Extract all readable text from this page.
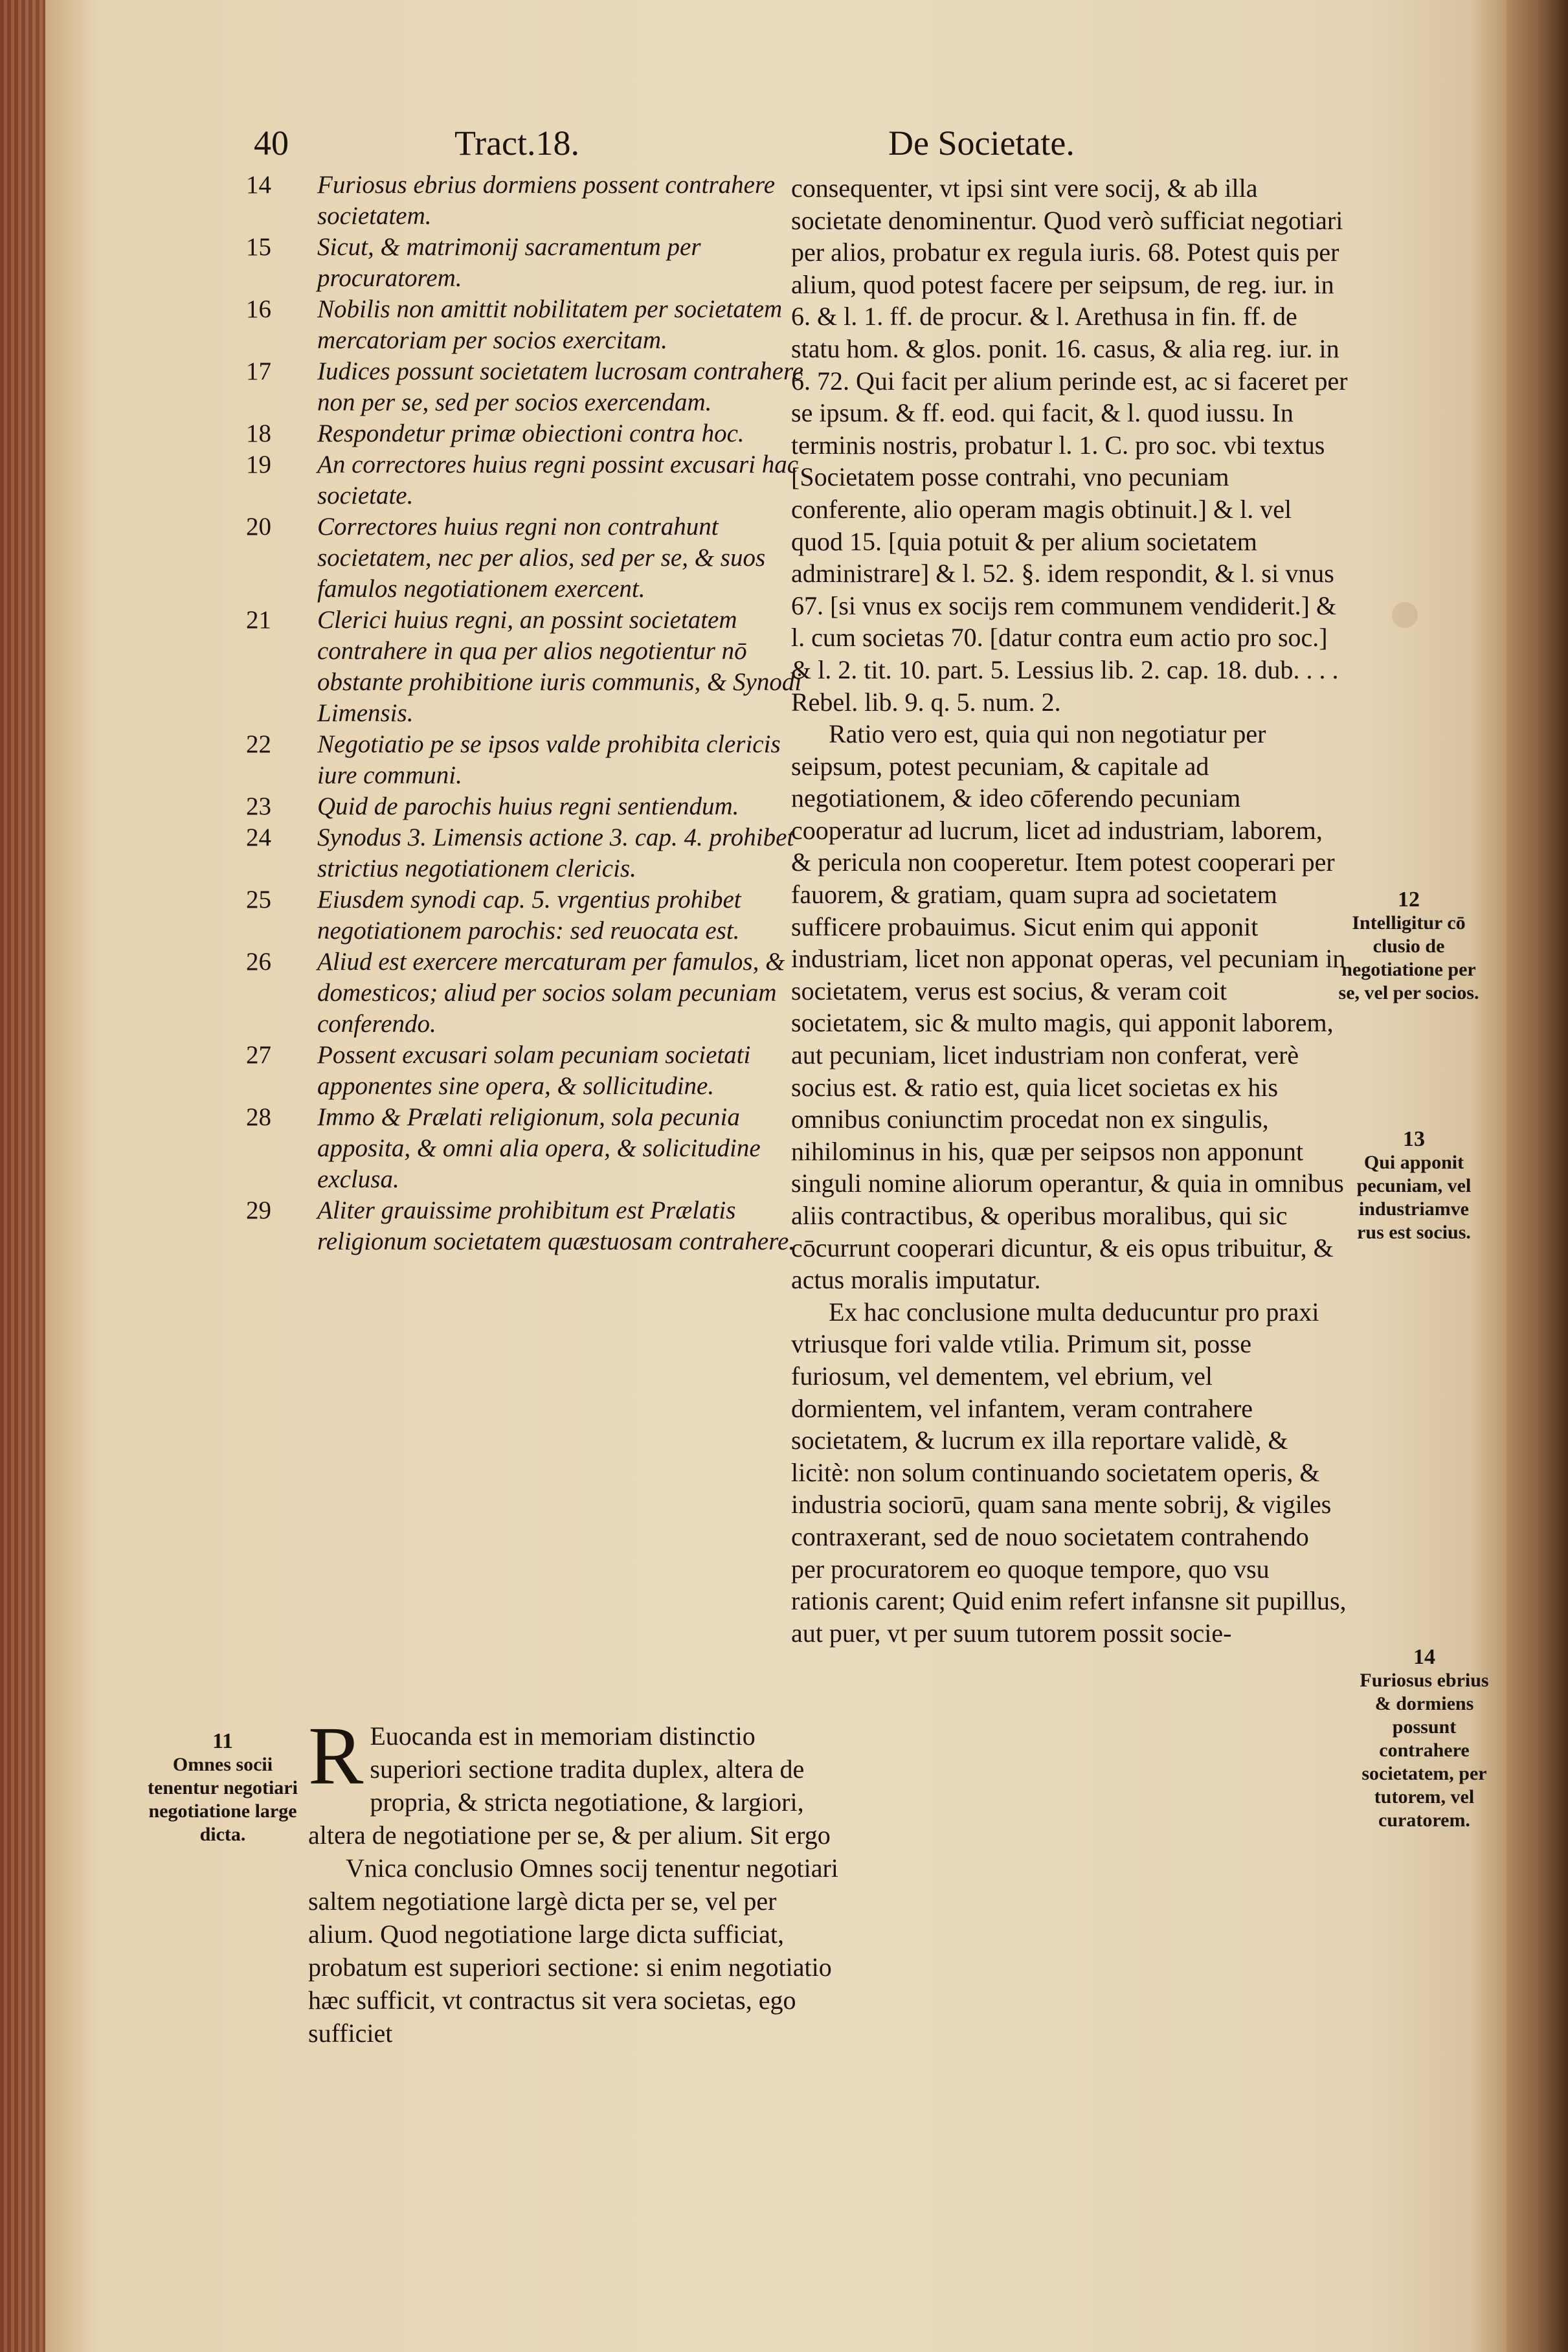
40	Tract.18.	De Societate.
14 Furiosus ebrius dormiens possent contrahere societatem.
15 Sicut, & matrimonij sacramentum per procuratorem.
16 Nobilis non amittit nobilitatem per societatem mercatoriam per socios exercitam.
17 Iudices possunt societatem lucrosam contrahere non per se, sed per socios exercendam.
18 Respondetur primæ obiectioni contra hoc.
19 An correctores huius regni possint excusari hac societate.
20 Correctores huius regni non contrahunt societatem, nec per alios, sed per se, & suos famulos negotiationem exercent.
21 Clerici huius regni, an possint societatem contrahere in qua per alios negotientur nō obstante prohibitione iuris communis, & Synodi Limensis.
22 Negotiatio pe se ipsos valde prohibita clericis iure communi.
23 Quid de parochis huius regni sentiendum.
24 Synodus 3. Limensis actione 3. cap. 4. prohibet strictius negotiationem clericis.
25 Eiusdem synodi cap. 5. vrgentius prohibet negotiationem parochis: sed reuocata est.
26 Aliud est exercere mercaturam per famulos, & domesticos; aliud per socios solam pecuniam conferendo.
27 Possent excusari solam pecuniam societati apponentes sine opera, & sollicitudine.
28 Immo & Prælati religionum, sola pecunia apposita, & omni alia opera, & solicitudine exclusa.
29 Aliter grauissime prohibitum est Prælatis religionum societatem quæstuosam contrahere.

consequenter, vt ipsi sint vere socij, & ab illa societate denominentur. Quod verò sufficiat negotiari per alios, probatur ex regula iuris. 68. Potest quis per alium, quod potest facere per seipsum, de reg. iur. in 6. & l. 1. ff. de procur. & l. Arethusa in fin. ff. de statu hom. & glos. ponit. 16. casus, & alia reg. iur. in 6. 72. Qui facit per alium perinde est, ac si faceret per se ipsum. & ff. eod. qui facit, & l. quod iussu. In terminis nostris, probatur l. 1. C. pro soc. vbi textus [Societatem posse contrahi, vno pecuniam conferente, alio operam magis obtinuit.] & l. vel quod 15. [quia potuit & per alium societatem administrare] & l. 52. §. idem respondit, & l. si vnus 67. [si vnus ex socijs rem communem vendiderit.] & l. cum societas 70. [datur contra eum actio pro soc.] & l. 2. tit. 10. part. 5. Lessius lib. 2. cap. 18. dub. . . . Rebel. lib. 9. q. 5. num. 2.

Ratio vero est, quia qui non negotiatur per seipsum, potest pecuniam, & capitale ad negotiationem, & ideo cōferendo pecuniam cooperatur ad lucrum, licet ad industriam, laborem, & pericula non cooperetur. Item potest cooperari per fauorem, & gratiam, quam supra ad societatem sufficere probauimus. Sicut enim qui apponit industriam, licet non apponat operas, vel pecuniam in societatem, verus est socius, & veram coit societatem, sic & multo magis, qui apponit laborem, aut pecuniam, licet industriam non conferat, verè socius est. & ratio est, quia licet societas ex his omnibus coniunctim procedat non ex singulis, nihilominus in his, quæ per seipsos non apponunt singuli nomine aliorum operantur, & quia in omnibus aliis contractibus, & operibus moralibus, qui sic cōcurrunt cooperari dicuntur, & eis opus tribuitur, & actus moralis imputatur.

Ex hac conclusione multa deducuntur pro praxi vtriusque fori valde vtilia. Primum sit, posse furiosum, vel dementem, vel ebrium, vel dormientem, vel infantem, veram contrahere societatem, & lucrum ex illa reportare validè, & licitè: non solum continuando societatem operis, & industria sociorū, quam sana mente sobrij, & vigiles contraxerant, sed de nouo societatem contrahendo per procuratorem eo quoque tempore, quo vsu rationis carent; Quid enim refert infansne sit pupillus, aut puer, vt per suum tutorem possit socie-

R Euocanda est in memoriam distinctio superiori sectione tradita duplex, altera de propria, & stricta negotiatione, & largiori, altera de negotiatione per se, & per alium. Sit ergo

Vnica conclusio Omnes socij tenentur negotiari saltem negotiatione largè dicta per se, vel per alium. Quod negotiatione large dicta sufficiat, probatum est superiori sectione: si enim negotiatio hæc sufficit, vt contractus sit vera societas, ego sufficiet

11
Omnes socii tenentur negotiari negotiatione large dicta.
12
Intelligitur cō clusio de negotiatione per se, vel per socios.
13
Qui apponit pecuniam, vel industriamve rus est socius.
14
Furiosus ebrius & dormiens possunt contrahere societatem, per tutorem, vel curatorem.
